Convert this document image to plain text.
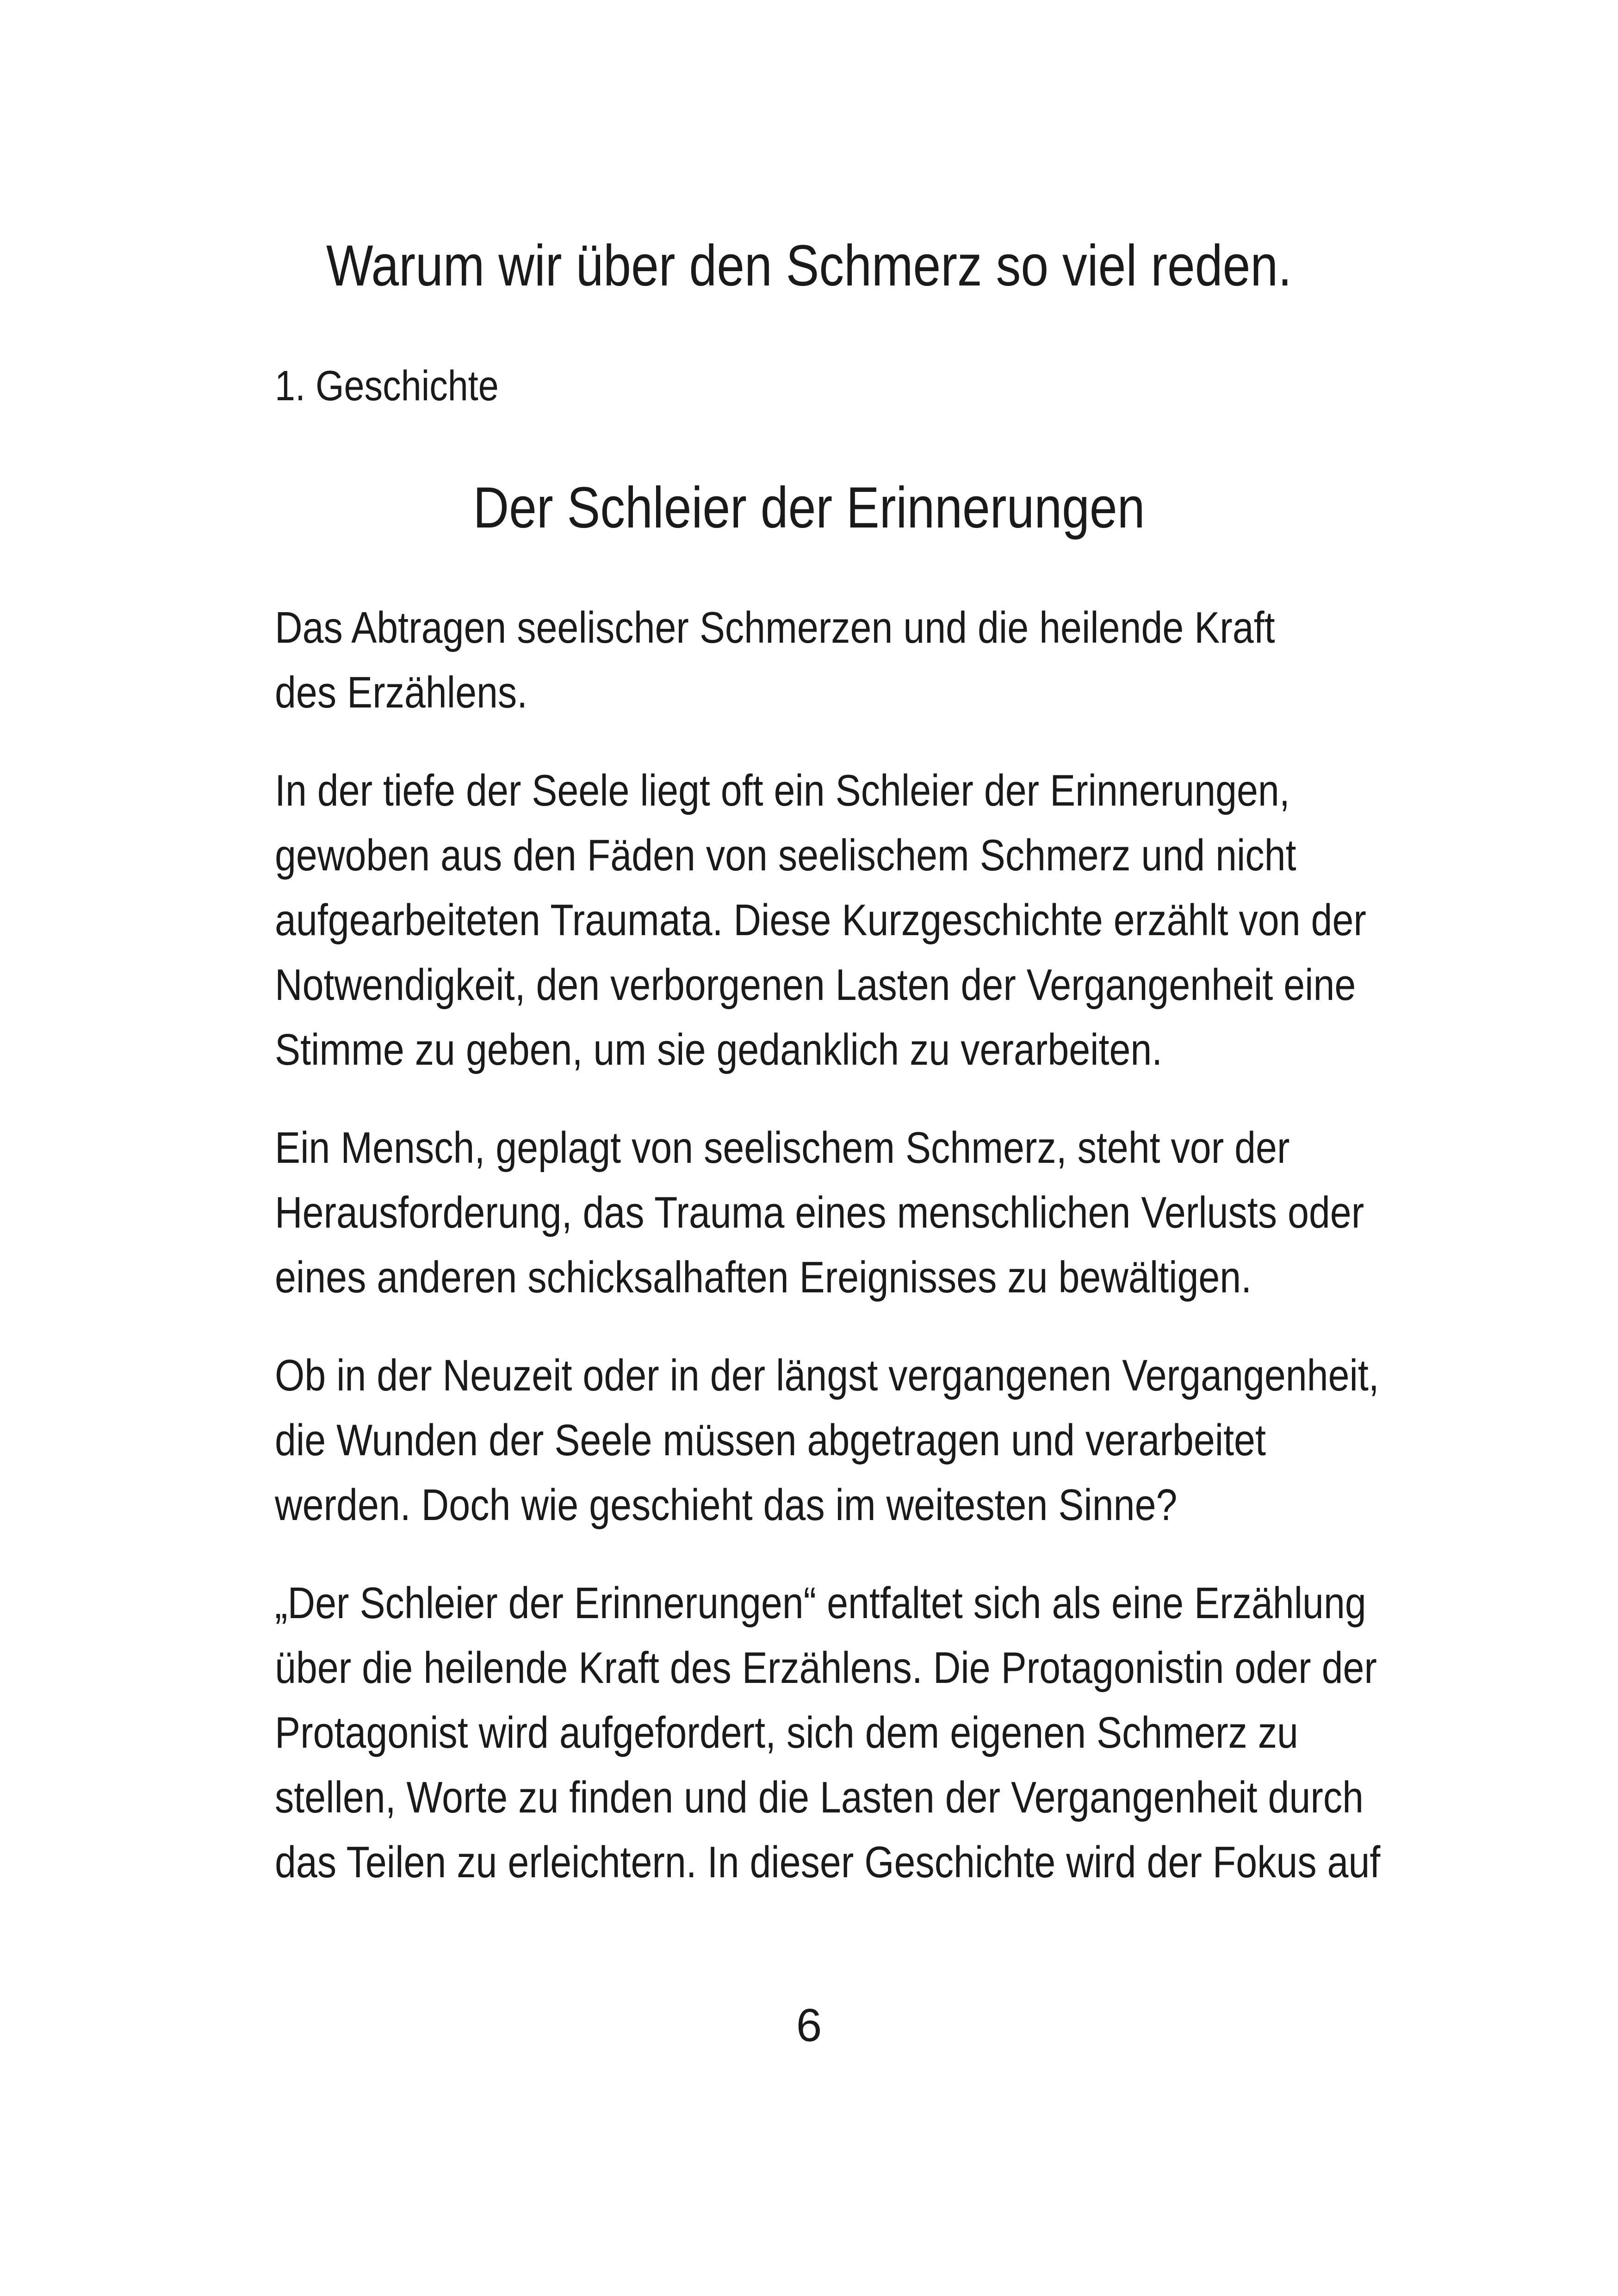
Warum wir über den Schmerz so viel reden.

1. Geschichte

Der Schleier der Erinnerungen

Das Abtragen seelischer Schmerzen und die heilende Kraft
des Erzählens.

In der tiefe der Seele liegt oft ein Schleier der Erinnerungen,
gewoben aus den Fäden von seelischem Schmerz und nicht
aufgearbeiteten Traumata. Diese Kurzgeschichte erzählt von der
Notwendigkeit, den verborgenen Lasten der Vergangenheit eine
Stimme zu geben, um sie gedanklich zu verarbeiten.

Ein Mensch, geplagt von seelischem Schmerz, steht vor der
Herausforderung, das Trauma eines menschlichen Verlusts oder
eines anderen schicksalhaften Ereignisses zu bewältigen.

Ob in der Neuzeit oder in der längst vergangenen Vergangenheit,
die Wunden der Seele müssen abgetragen und verarbeitet
werden. Doch wie geschieht das im weitesten Sinne?

„Der Schleier der Erinnerungen“ entfaltet sich als eine Erzählung
über die heilende Kraft des Erzählens. Die Protagonistin oder der
Protagonist wird aufgefordert, sich dem eigenen Schmerz zu
stellen, Worte zu finden und die Lasten der Vergangenheit durch
das Teilen zu erleichtern. In dieser Geschichte wird der Fokus auf

6
